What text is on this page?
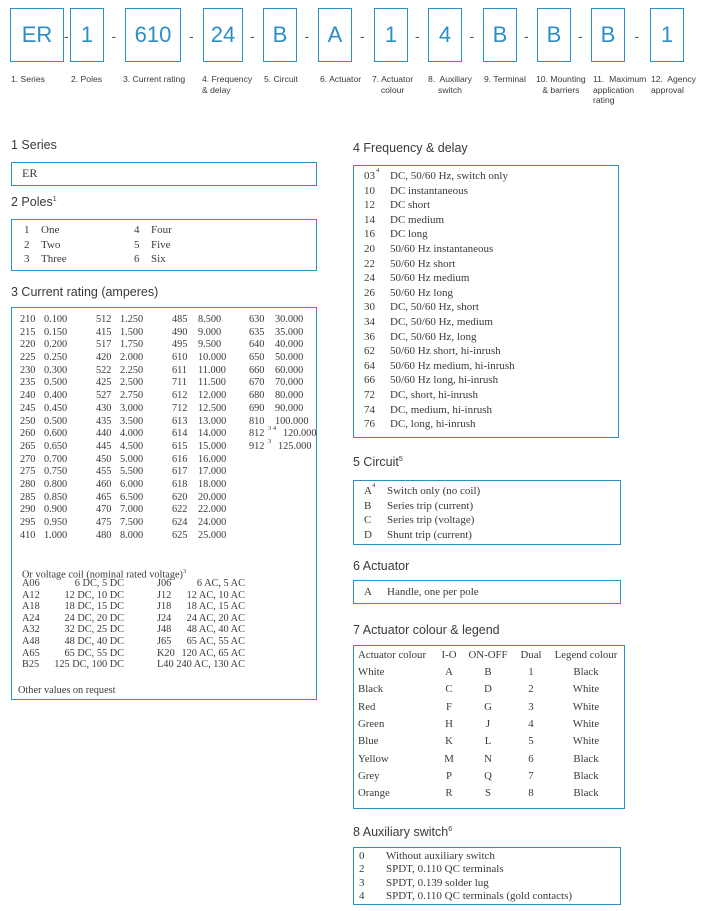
ER - 1	- 610	- 24	- B	- A	- 1	- 4	- B	- B	- B	- 1
1. Series	2. Poles 3. Current rating 4. Frequency
& delay
5. Circuit	6. Actuator 7. Actuator
colour
8.  Auxiliary
switch
9. Terminal 10. Mounting
& barriers
11.  Maximum
application
rating
12.  Agency
approval
1 Series
ER
2 Poles$^1$
1 One
2 Two
3 Three
4 Four
5 Five
6 Six
3 Current rating (amperes)
Or voltage coil (nominal rated voltage)$^3$
Other values on request
210 0.100
215 0.150
220 0.200
225 0.250
230 0.300
235 0.500
240 0.400
245 0.450
250 0.500
260 0.600
265 0.650
270 0.700
275 0.750
280 0.800
285 0.850
290 0.900
295 0.950
410 1.000
512 1.250
415 1.500
517 1.750
420 2.000
522 2.250
425 2.500
527 2.750
430 3.000
435 3.500
440 4.000
445 4.500
450 5.000
455 5.500
460 6.000
465 6.500
470 7.000
475 7.500
480 8.000
485 8.500
490 9.000
495 9.500
610 10.000
611 11.000
711 11.500
612 12.000
712 12.500
613 13.000
614 14.000
615 15.000
616 16.000
617 17.000
618 18.000
620 20.000
622 22.000
624 24.000
625 25.000
630 30.000
635 35.000
640 40.000
650 50.000
660 60.000
670 70.000
680 80.000
690 90.000
810 100.000
812 3 4 120.000
912 3 125.000
A06	6 DC, 5 DC
A12	12 DC, 10 DC
A18	18 DC, 15 DC
A24	24 DC, 20 DC
A32	32 DC, 25 DC
A48	48 DC, 40 DC
A65	65 DC, 55 DC
B25	125 DC, 100 DC
J06	6 AC, 5 AC
J12	12 AC, 10 AC
J18	18 AC, 15 AC
J24	24 AC, 20 AC
J48	48 AC, 40 AC
J65	65 AC, 55 AC
K20 120 AC, 65 AC
L40 240 AC, 130 AC
4 Frequency & delay
03 4 DC, 50/60 Hz, switch only
10 DC instantaneous
12 DC short
14 DC medium
16 DC long
20 50/60 Hz instantaneous
22 50/60 Hz short
24 50/60 Hz medium
26 50/60 Hz long
30 DC, 50/60 Hz, short
34 DC, 50/60 Hz, medium
36 DC, 50/60 Hz, long
62 50/60 Hz short, hi-inrush
64 50/60 Hz medium, hi-inrush
66 50/60 Hz long, hi-inrush
72 DC, short, hi-inrush
74 DC, medium, hi-inrush
76 DC, long, hi-inrush
5 Circuit$^5$
A 4 Switch only (no coil)
B Series trip (current)
C Series trip (voltage)
D Shunt trip (current)
6 Actuator
A Handle, one per pole
7 Actuator colour & legend
Actuator colour	I-O	ON-OFF	Dual	Legend colour
White	A	B	1	Black
Black	C	D	2	White
Red	F	G	3	White
Green	H	J	4	White
Blue	K	L	5	White
Yellow	M	N	6	Black
Grey	P	Q	7	Black
Orange	R	S	8	Black
8 Auxiliary switch$^6$
0 Without auxiliary switch
2 SPDT, 0.110 QC terminals
3 SPDT, 0.139 solder lug
4 SPDT, 0.110 QC terminals (gold contacts)
